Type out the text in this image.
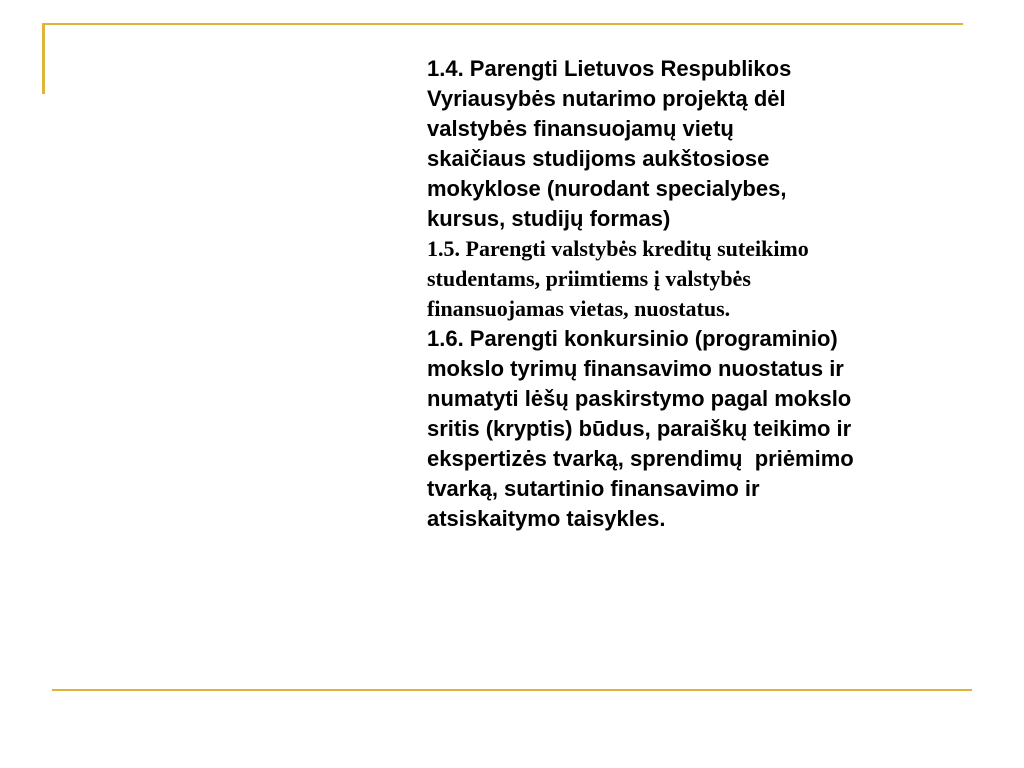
1.4. Parengti Lietuvos Respublikos
Vyriausybės nutarimo projektą dėl
valstybės finansuojamų vietų
skaičiaus studijoms aukštosiose
mokyklose (nurodant specialybes,
kursus, studijų formas)

1.5. Parengti valstybės kreditų suteikimo
studentams, priimtiems į valstybės
finansuojamas vietas, nuostatus.

1.6. Parengti konkursinio (programinio)
mokslo tyrimų finansavimo nuostatus ir
numatyti lėšų paskirstymo pagal mokslo
sritis (kryptis) būdus, paraiškų teikimo ir
ekspertizės tvarką, sprendimų  priėmimo
tvarką, sutartinio finansavimo ir
atsiskaitymo taisykles.
